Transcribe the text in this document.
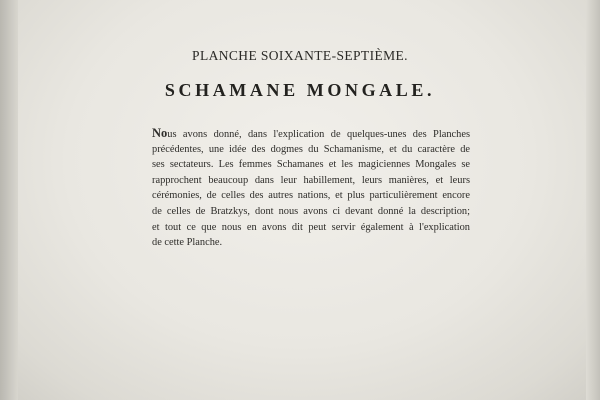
PLANCHE SOIXANTE-SEPTIÈME.
SCHAMANE MONGALE.
Nous avons donné, dans l'explication de quelques-unes des Planches
précédentes, une idée des dogmes du Schamanisme, et du caractère de
ses sectateurs. Les femmes Schamanes et les magiciennes Mongales se
rapprochent beaucoup dans leur habillement, leurs manières, et leurs
cérémonies, de celles des autres nations, et plus particulièrement encore
de celles de Bratzkys, dont nous avons ci devant donné la description;
et tout ce que nous en avons dit peut servir également à l'explication
de cette Planche.
